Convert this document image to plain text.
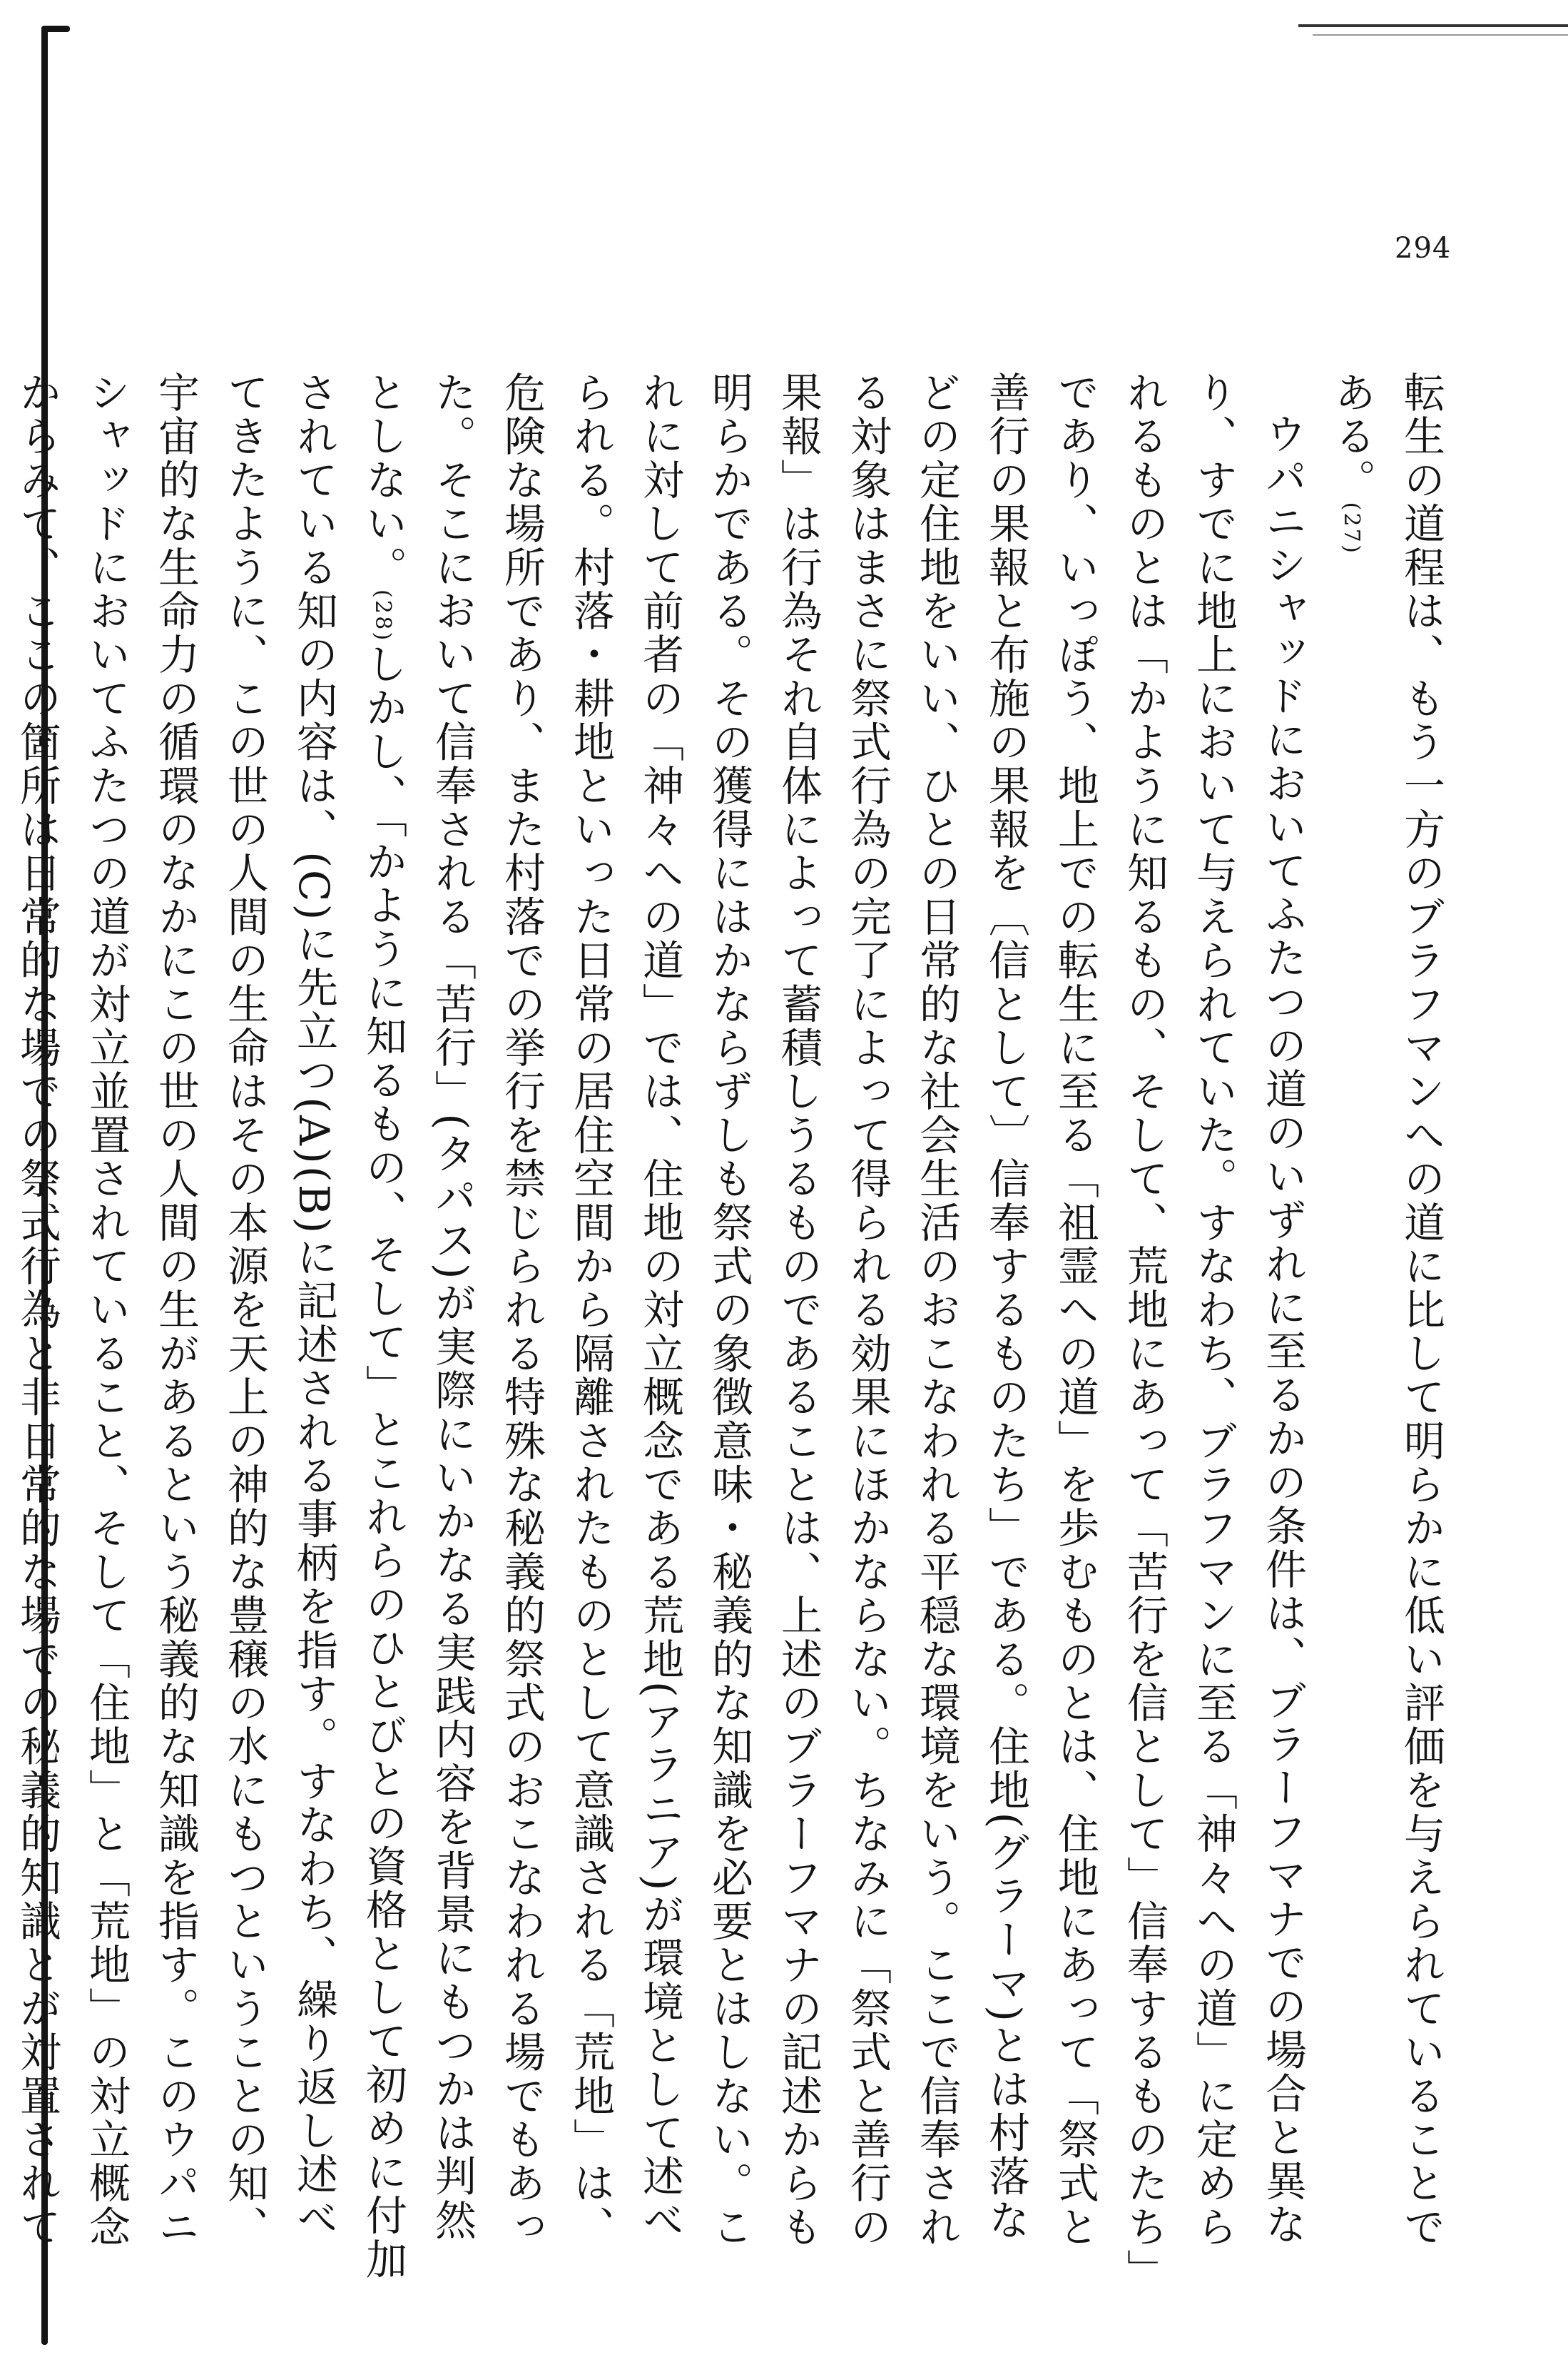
294
転生の道程は、もう一方のブラフマンへの道に比して明らかに低い評価を与えられていることである。$^{(27)}$
ウパニシャッドにおいてふたつの道のいずれに至るかの条件は、ブラーフマナでの場合と異なり、すでに地上において与えられていた。すなわち、ブラフマンに至る「神々への道」に定められるものとは「かように知るもの、そして、荒地にあって「苦行を信として」信奉するものたち」であり、いっぽう、地上での転生に至る「祖霊への道」を歩むものとは、住地にあって「祭式と善行の果報と布施の果報を〔信として〕信奉するものたち」である。住地(グラーマ)とは村落などの定住地をいい、ひとの日常的な社会生活のおこなわれる平穏な環境をいう。ここで信奉される対象はまさに祭式行為の完了によって得られる効果にほかならない。ちなみに「祭式と善行の果報」は行為それ自体によって蓄積しうるものであることは、上述のブラーフマナの記述からも明らかである。その獲得にはかならずしも祭式の象徴意味・秘義的な知識を必要とはしない。これに対して前者の「神々への道」では、住地の対立概念である荒地(アラニア)が環境として述べられる。村落・耕地といった日常の居住空間から隔離されたものとして意識される「荒地」は、危険な場所であり、また村落での挙行を禁じられる特殊な秘義的祭式のおこなわれる場でもあった。そこにおいて信奉される「苦行」(タパス)が実際にいかなる実践内容を背景にもつかは判然としない。$^{(28)}$しかし、「かように知るもの、そして」とこれらのひとびとの資格として初めに付加されている知の内容は、(C)に先立つ(A)(B)に記述される事柄を指す。すなわち、繰り返し述べてきたように、この世の人間の生命はその本源を天上の神的な豊穣の水にもつということの知、宇宙的な生命力の循環のなかにこの世の人間の生があるという秘義的な知識を指す。このウパニシャッドにおいてふたつの道が対立並置されていること、そして「住地」と「荒地」の対立概念からみて、ここの箇所は日常的な場での祭式行為と非日常的な場での秘義的知識とが対置されて
